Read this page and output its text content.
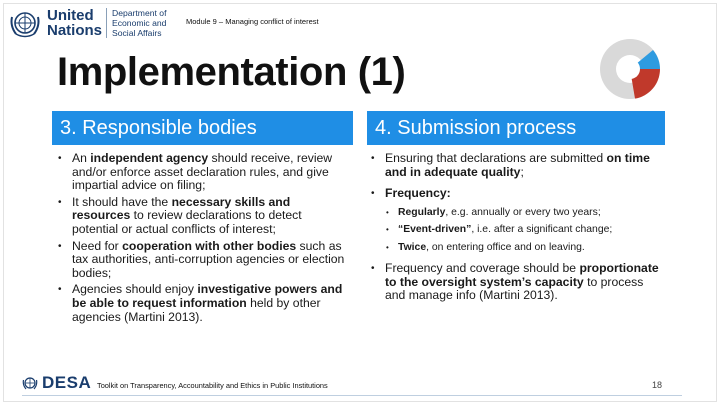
United
Nations
Department of
Economic and
Social Affairs
Module 9 – Managing conflict of interest
Implementation (1)
3. Responsible bodies	4. Submission process
• An independent agency should receive, review and/or enforce asset declaration rules, and give impartial advice on filing;
• It should have the necessary skills and resources to review declarations to detect potential or actual conflicts of interest;
• Need for cooperation with other bodies such as tax authorities, anti-corruption agencies or election bodies;
• Agencies should enjoy investigative powers and be able to request information held by other agencies (Martini 2013).
• Ensuring that declarations are submitted on time and in adequate quality;
• Frequency:
• Regularly, e.g. annually or every two years;
• “Event-driven”, i.e. after a significant change;
• Twice, on entering office and on leaving.
• Frequency and coverage should be proportionate to the oversight system’s capacity to process and manage info (Martini 2013).
DESA Toolkit on Transparency, Accountability and Ethics in Public Institutions	18
